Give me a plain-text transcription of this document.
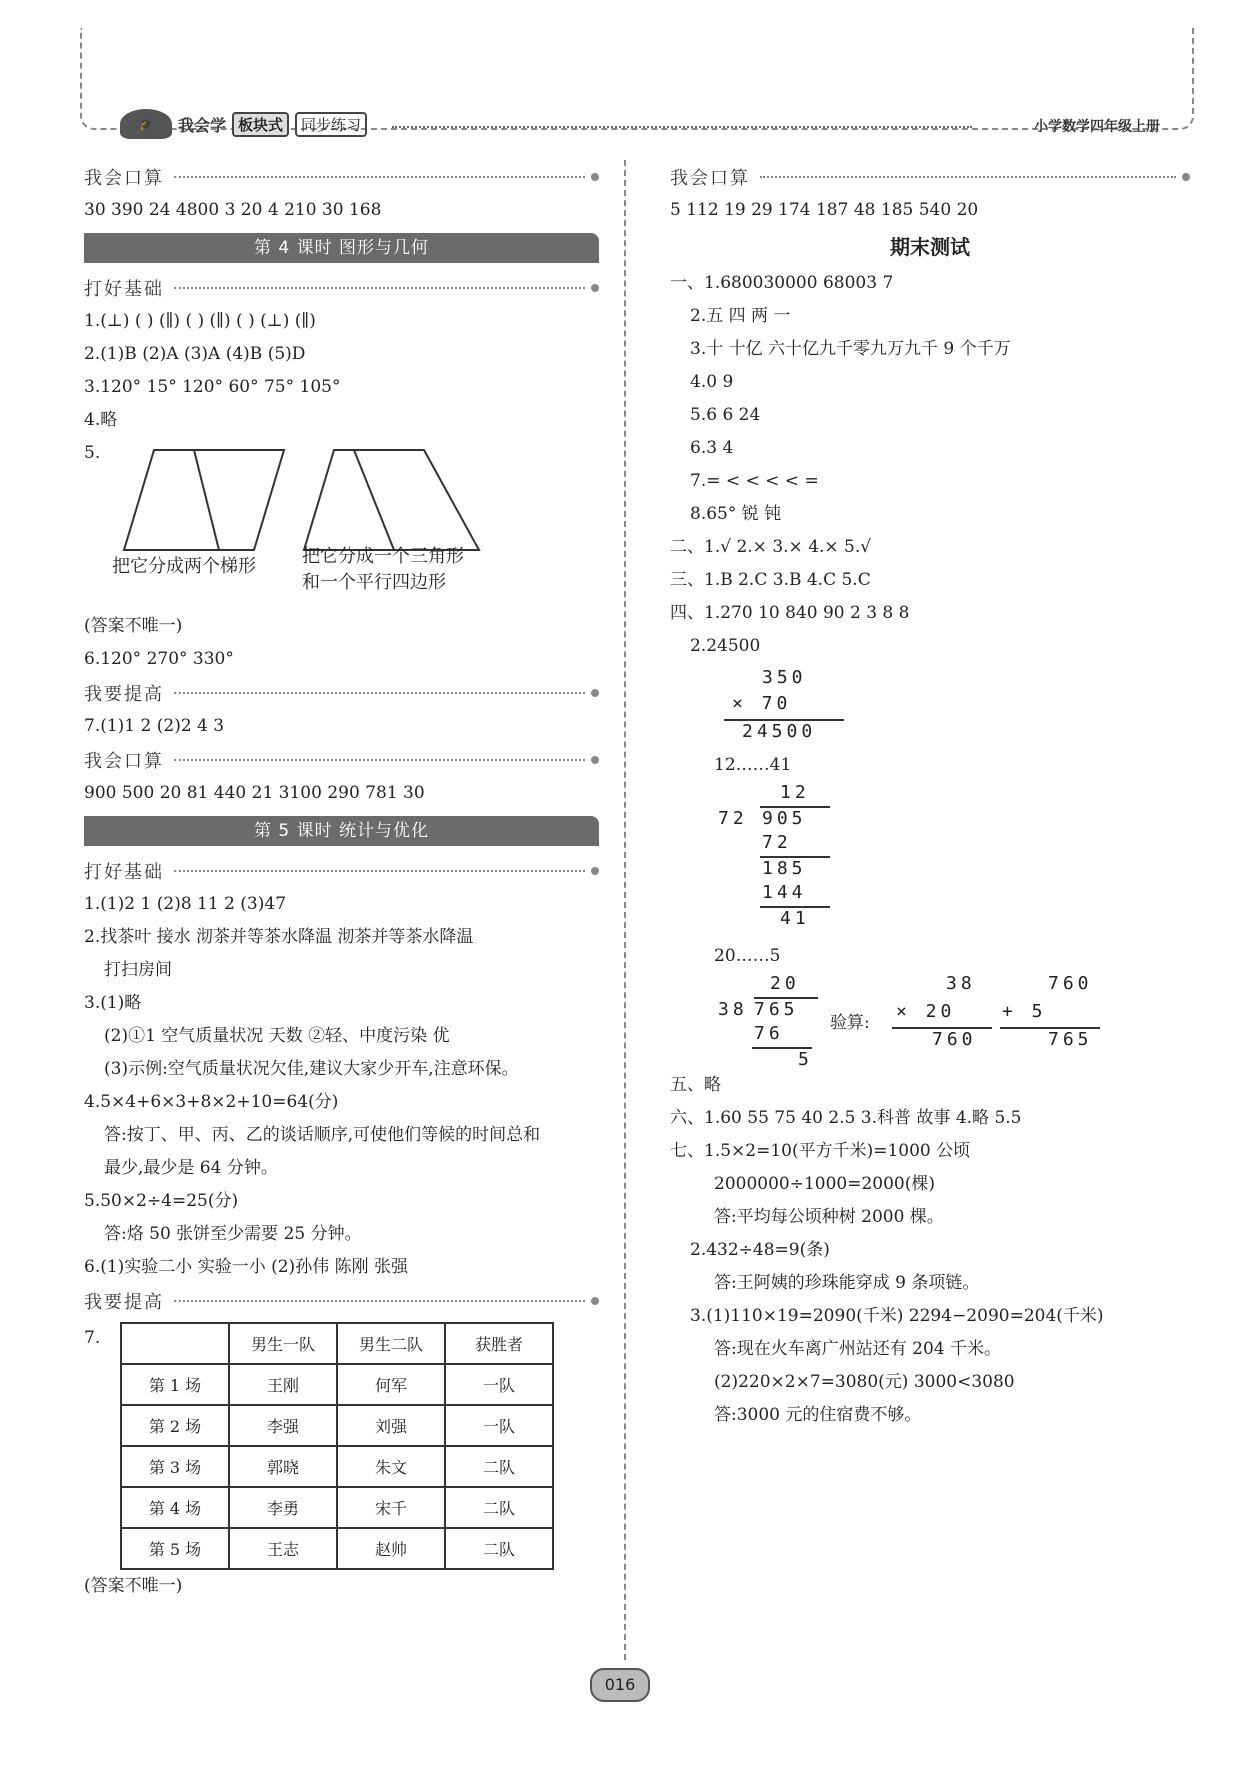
🎓	我会学 板块式	同步练习	小学数学四年级上册
我会口算
30 390 24 4800 3 20 4 210 30 168
第 4 课时 图形与几何
打好基础
1.(⊥) ( ) (∥) ( ) (∥) ( ) (⊥) (∥)
2.(1)B (2)A (3)A (4)B (5)D
3.120° 15° 120° 60° 75° 105°
4.略
5.
把它分成两个梯形	把它分成一个三角形
和一个平行四边形
(答案不唯一)
6.120° 270° 330°
我要提高
7.(1)1 2 (2)2 4 3
我会口算
900 500 20 81 440 21 3100 290 781 30
第 5 课时 统计与优化
打好基础
1.(1)2 1 (2)8 11 2 (3)47
2.找茶叶 接水 沏茶并等茶水降温 沏茶并等茶水降温
打扫房间
3.(1)略
(2)①1 空气质量状况 天数 ②轻、中度污染 优
(3)示例:空气质量状况欠佳,建议大家少开车,注意环保。
4.5×4+6×3+8×2+10=64(分)
答:按丁、甲、丙、乙的谈话顺序,可使他们等候的时间总和
最少,最少是 64 分钟。
5.50×2÷4=25(分)
答:烙 50 张饼至少需要 25 分钟。
6.(1)实验二小 实验一小 (2)孙伟 陈刚 张强
我要提高
7.
		男生一队	男生二队	获胜者
第 1 场	王刚	何军	一队
第 2 场	李强	刘强	一队
第 3 场	郭晓	朱文	二队
第 4 场	李勇	宋千	二队
第 5 场	王志	赵帅	二队
(答案不唯一)
我会口算
5 112 19 29 174 187 48 185 540 20
期末测试
一、1.680030000 68003 7
2.五 四 两 一
3.十 十亿 六十亿九千零九万九千 9 个千万
4.0 9
5.6 6 24
6.3 4
7.= < < < < =
8.65° 锐 钝
二、1.√ 2.× 3.× 4.× 5.√
三、1.B 2.C 3.B 4.C 5.C
四、1.270 10 840 90 2 3 8 8
2.24500
350
× 70
24500
12……41
12
72 905
72
185
144
41
20……5
20
38 765
76
5
验算:
38
× 20
760
760
+ 5
765
五、略
六、1.60 55 75 40 2.5 3.科普 故事 4.略 5.5
七、1.5×2=10(平方千米)=1000 公顷
2000000÷1000=2000(棵)
答:平均每公顷种树 2000 棵。
2.432÷48=9(条)
答:王阿姨的珍珠能穿成 9 条项链。
3.(1)110×19=2090(千米) 2294−2090=204(千米)
答:现在火车离广州站还有 204 千米。
(2)220×2×7=3080(元) 3000<3080
答:3000 元的住宿费不够。
016
